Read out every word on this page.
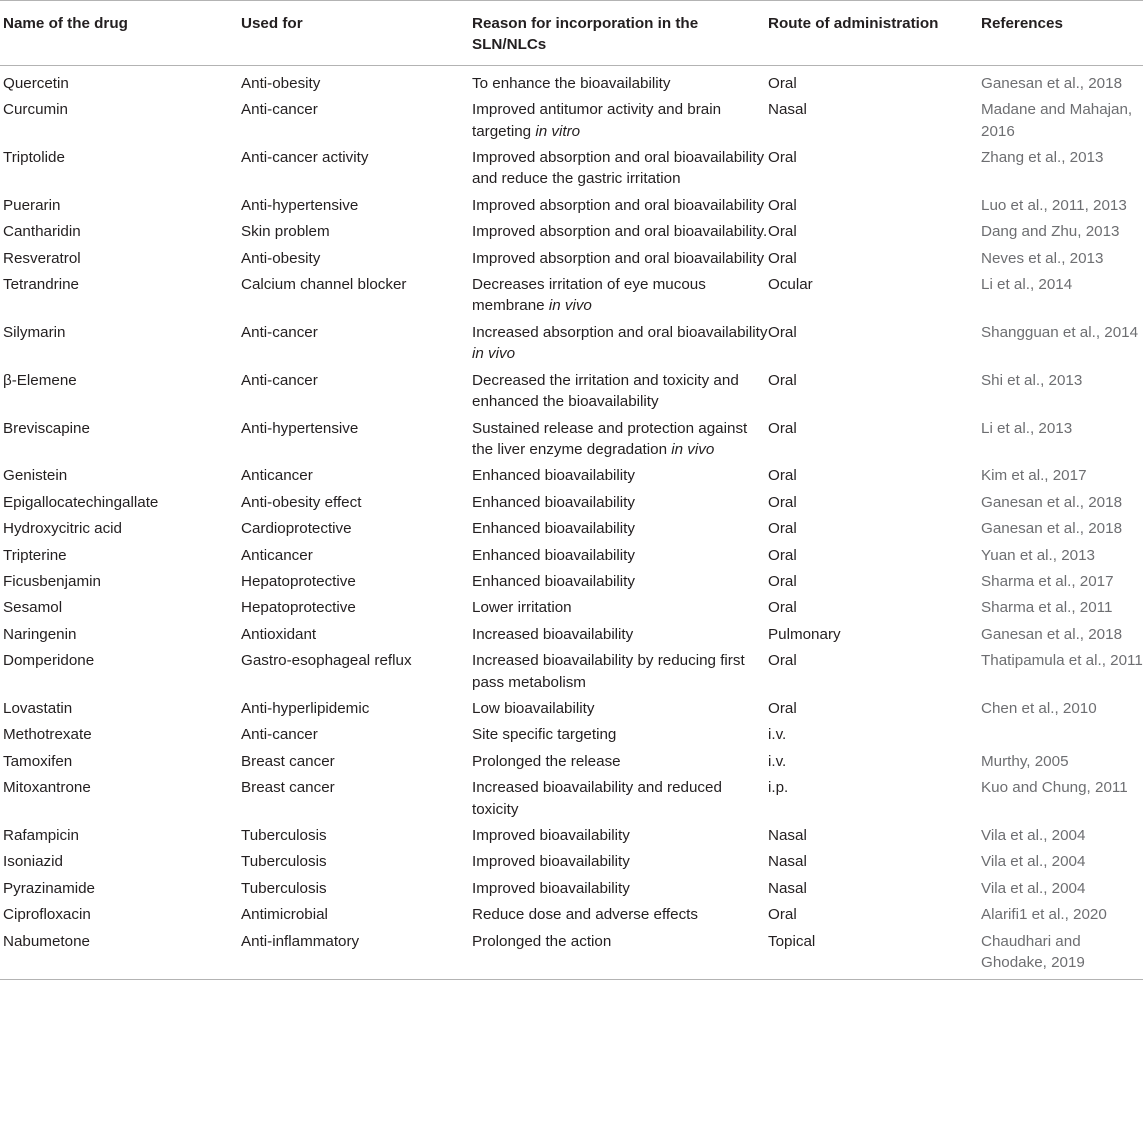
Name of the drug	Used for	Reason for incorporation in the SLN/NLCs	Route of administration	References
Quercetin	Anti-obesity	To enhance the bioavailability	Oral	Ganesan et al., 2018
Curcumin	Anti-cancer	Improved antitumor activity and brain targeting in vitro	Nasal	Madane and Mahajan, 2016
Triptolide	Anti-cancer activity	Improved absorption and oral bioavailability and reduce the gastric irritation	Oral	Zhang et al., 2013
Puerarin	Anti-hypertensive	Improved absorption and oral bioavailability	Oral	Luo et al., 2011, 2013
Cantharidin	Skin problem	Improved absorption and oral bioavailability.	Oral	Dang and Zhu, 2013
Resveratrol	Anti-obesity	Improved absorption and oral bioavailability	Oral	Neves et al., 2013
Tetrandrine	Calcium channel blocker	Decreases irritation of eye mucous membrane in vivo	Ocular	Li et al., 2014
Silymarin	Anti-cancer	Increased absorption and oral bioavailability in vivo	Oral	Shangguan et al., 2014
β-Elemene	Anti-cancer	Decreased the irritation and toxicity and enhanced the bioavailability	Oral	Shi et al., 2013
Breviscapine	Anti-hypertensive	Sustained release and protection against the liver enzyme degradation in vivo	Oral	Li et al., 2013
Genistein	Anticancer	Enhanced bioavailability	Oral	Kim et al., 2017
Epigallocatechingallate	Anti-obesity effect	Enhanced bioavailability	Oral	Ganesan et al., 2018
Hydroxycitric acid	Cardioprotective	Enhanced bioavailability	Oral	Ganesan et al., 2018
Tripterine	Anticancer	Enhanced bioavailability	Oral	Yuan et al., 2013
Ficusbenjamin	Hepatoprotective	Enhanced bioavailability	Oral	Sharma et al., 2017
Sesamol	Hepatoprotective	Lower irritation	Oral	Sharma et al., 2011
Naringenin	Antioxidant	Increased bioavailability	Pulmonary	Ganesan et al., 2018
Domperidone	Gastro-esophageal reflux	Increased bioavailability by reducing first pass metabolism	Oral	Thatipamula et al., 2011
Lovastatin	Anti-hyperlipidemic	Low bioavailability	Oral	Chen et al., 2010
Methotrexate	Anti-cancer	Site specific targeting	i.v.	
Tamoxifen	Breast cancer	Prolonged the release	i.v.	Murthy, 2005
Mitoxantrone	Breast cancer	Increased bioavailability and reduced toxicity	i.p.	Kuo and Chung, 2011
Rafampicin	Tuberculosis	Improved bioavailability	Nasal	Vila et al., 2004
Isoniazid	Tuberculosis	Improved bioavailability	Nasal	Vila et al., 2004
Pyrazinamide	Tuberculosis	Improved bioavailability	Nasal	Vila et al., 2004
Ciprofloxacin	Antimicrobial	Reduce dose and adverse effects	Oral	Alarifi1 et al., 2020
Nabumetone	Anti-inflammatory	Prolonged the action	Topical	Chaudhari and Ghodake, 2019
